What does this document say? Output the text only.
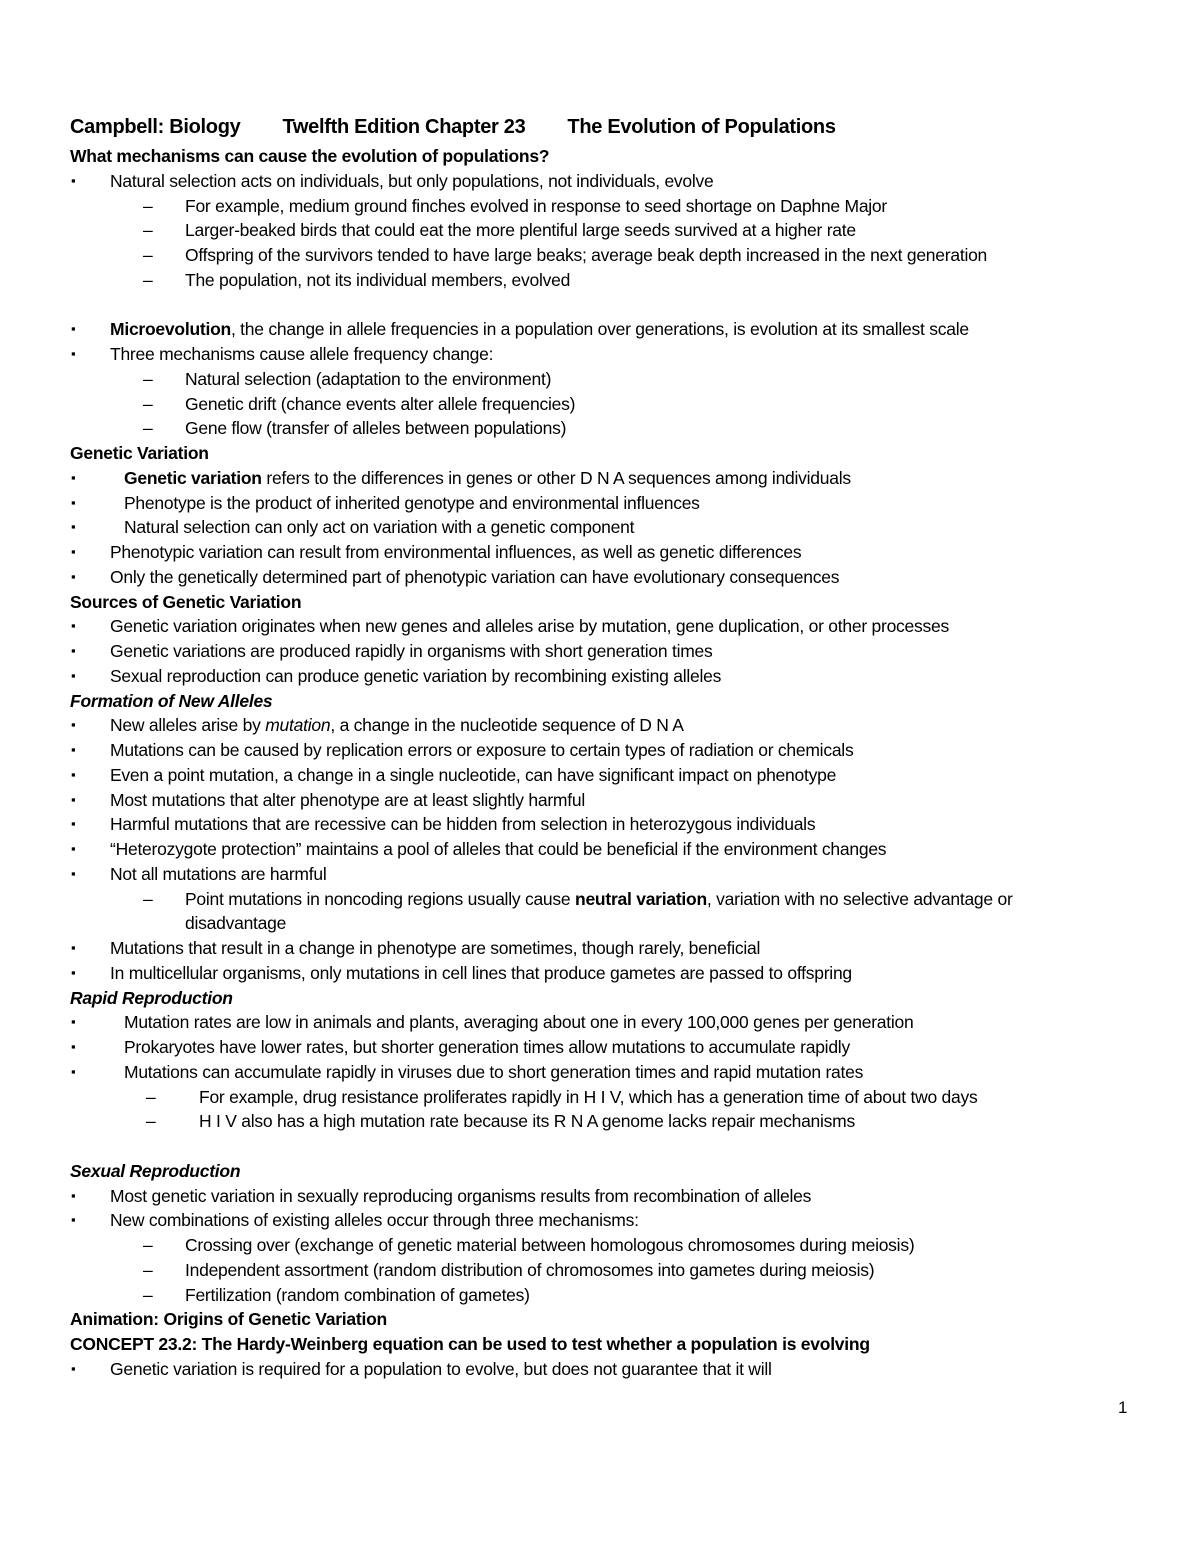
Campbell: Biology Twelfth Edition Chapter 23 The Evolution of Populations
What mechanisms can cause the evolution of populations?
▪ Natural selection acts on individuals, but only populations, not individuals, evolve
– For example, medium ground finches evolved in response to seed shortage on Daphne Major
– Larger-beaked birds that could eat the more plentiful large seeds survived at a higher rate
– Offspring of the survivors tended to have large beaks; average beak depth increased in the next generation
– The population, not its individual members, evolved
▪ Microevolution, the change in allele frequencies in a population over generations, is evolution at its smallest scale
▪ Three mechanisms cause allele frequency change:
– Natural selection (adaptation to the environment)
– Genetic drift (chance events alter allele frequencies)
– Gene flow (transfer of alleles between populations)
Genetic Variation
▪	Genetic variation refers to the differences in genes or other D N A sequences among individuals
▪	Phenotype is the product of inherited genotype and environmental influences
▪	Natural selection can only act on variation with a genetic component
▪ Phenotypic variation can result from environmental influences, as well as genetic differences
▪ Only the genetically determined part of phenotypic variation can have evolutionary consequences
Sources of Genetic Variation
▪ Genetic variation originates when new genes and alleles arise by mutation, gene duplication, or other processes
▪ Genetic variations are produced rapidly in organisms with short generation times
▪ Sexual reproduction can produce genetic variation by recombining existing alleles
Formation of New Alleles
▪ New alleles arise by mutation, a change in the nucleotide sequence of D N A
▪ Mutations can be caused by replication errors or exposure to certain types of radiation or chemicals
▪ Even a point mutation, a change in a single nucleotide, can have significant impact on phenotype
▪ Most mutations that alter phenotype are at least slightly harmful
▪ Harmful mutations that are recessive can be hidden from selection in heterozygous individuals
▪ “Heterozygote protection” maintains a pool of alleles that could be beneficial if the environment changes
▪ Not all mutations are harmful
– Point mutations in noncoding regions usually cause neutral variation, variation with no selective advantage or
disadvantage
▪ Mutations that result in a change in phenotype are sometimes, though rarely, beneficial
▪ In multicellular organisms, only mutations in cell lines that produce gametes are passed to offspring
Rapid Reproduction
▪	Mutation rates are low in animals and plants, averaging about one in every 100,000 genes per generation
▪	Prokaryotes have lower rates, but shorter generation times allow mutations to accumulate rapidly
▪	Mutations can accumulate rapidly in viruses due to short generation times and rapid mutation rates
– For example, drug resistance proliferates rapidly in H I V, which has a generation time of about two days
– H I V also has a high mutation rate because its R N A genome lacks repair mechanisms
Sexual Reproduction
▪ Most genetic variation in sexually reproducing organisms results from recombination of alleles
▪ New combinations of existing alleles occur through three mechanisms:
– Crossing over (exchange of genetic material between homologous chromosomes during meiosis)
– Independent assortment (random distribution of chromosomes into gametes during meiosis)
– Fertilization (random combination of gametes)
Animation: Origins of Genetic Variation
CONCEPT 23.2: The Hardy-Weinberg equation can be used to test whether a population is evolving
▪ Genetic variation is required for a population to evolve, but does not guarantee that it will
1
